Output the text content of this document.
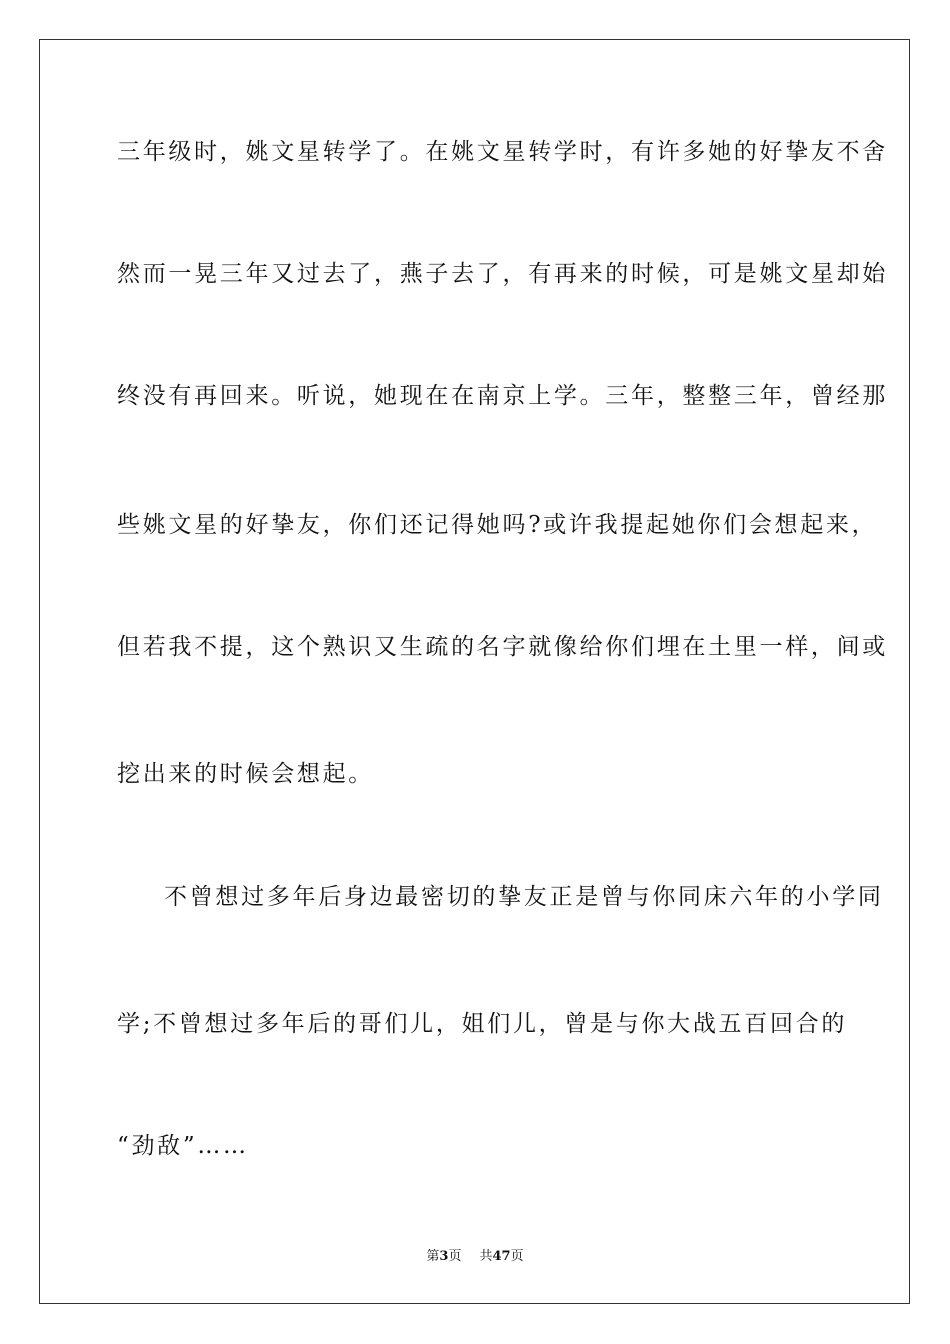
三年级时，姚文星转学了。在姚文星转学时，有许多她的好挚友不舍
然而一晃三年又过去了，燕子去了，有再来的时候，可是姚文星却始
终没有再回来。听说，她现在在南京上学。三年，整整三年，曾经那
些姚文星的好挚友，你们还记得她吗?或许我提起她你们会想起来，
但若我不提，这个熟识又生疏的名字就像给你们埋在土里一样，间或
挖出来的时候会想起。
不曾想过多年后身边最密切的挚友正是曾与你同床六年的小学同
学;不曾想过多年后的哥们儿，姐们儿，曾是与你大战五百回合的
“劲敌”……
第3页 共47页
